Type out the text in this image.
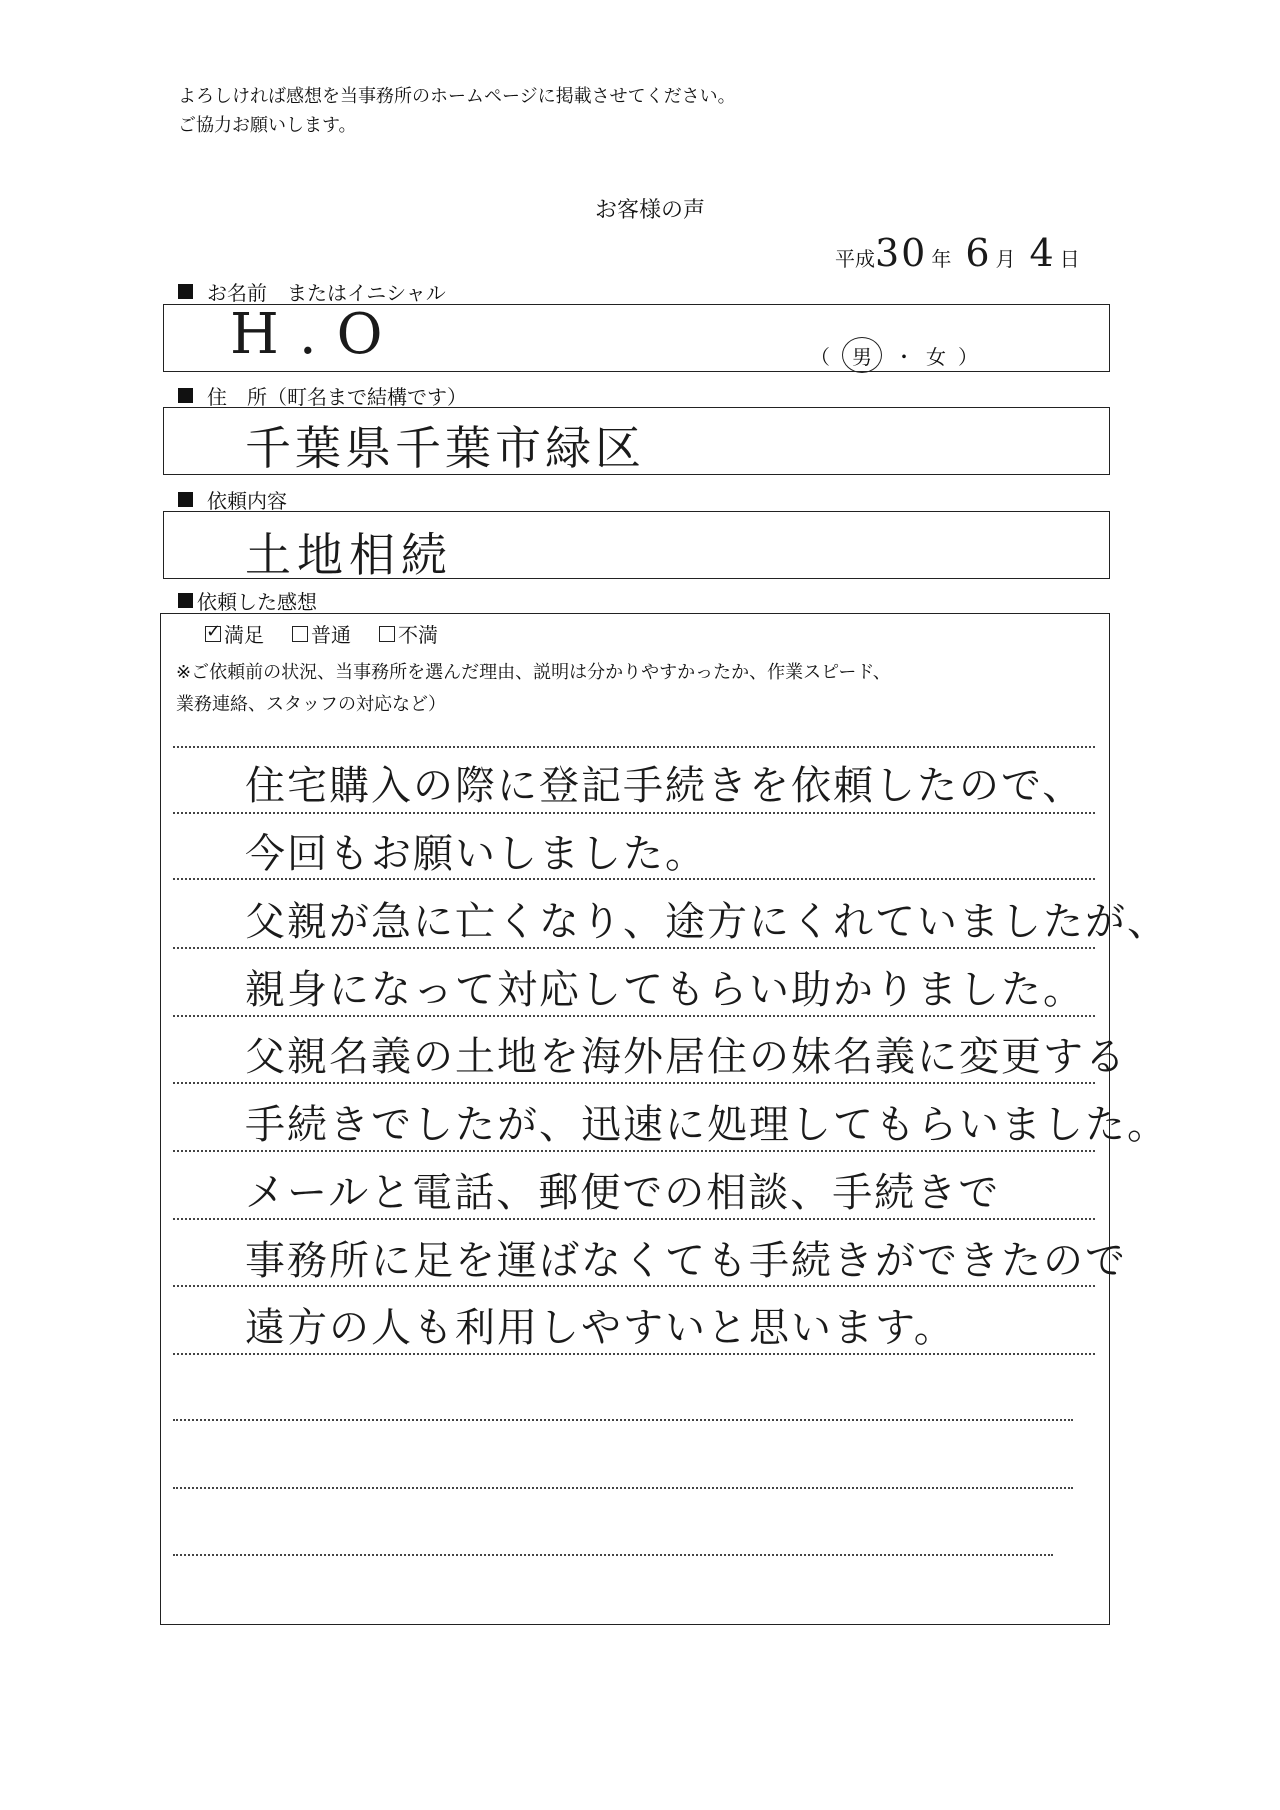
よろしければ感想を当事務所のホームページに掲載させてください。
ご協力お願いします。
お客様の声
平成 30 年 6 月 4 日
お名前　またはイニシャル
H.O	（	男	・ 女 ）
住　所（町名まで結構です）
千葉県千葉市緑区
依頼内容
土地相続
依頼した感想
✓
満足 普通 不満
※ご依頼前の状況、当事務所を選んだ理由、説明は分かりやすかったか、作業スピード、
業務連絡、スタッフの対応など）
住宅購入の際に登記手続きを依頼したので、
今回もお願いしました。
父親が急に亡くなり、途方にくれていましたが、
親身になって対応してもらい助かりました。
父親名義の土地を海外居住の妹名義に変更する
手続きでしたが、迅速に処理してもらいました。
メールと電話、郵便での相談、手続きで
事務所に足を運ばなくても手続きができたので
遠方の人も利用しやすいと思います。
